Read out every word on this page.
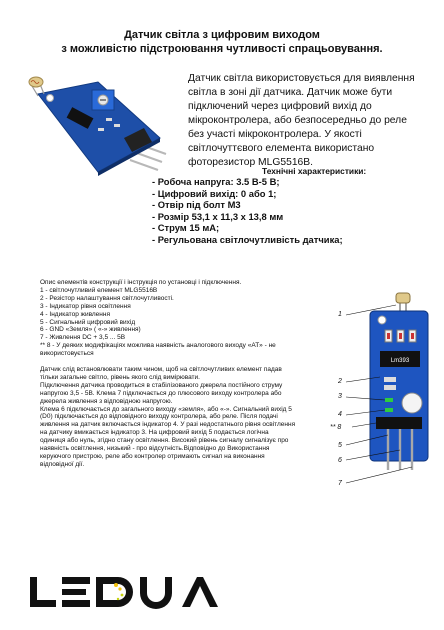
Датчик світла з цифровим виходом
з можливістю підстроювання чутливості спрацьовування.
Датчик світла використовується для виявлення
світла в зоні дії датчика. Датчик може бути
підключений через цифровий вихід до
мікроконтролера, або безпосередньо до реле
без участі мікроконтролера. У якості
світлочуттєвого елемента використано
фоторезистор MLG5516B.
Технічні характеристики:
- Робоча напруга: 3.5 В-5 В;
- Цифровий вихід: 0 або 1;
- Отвір під болт М3
- Розмір 53,1 х 11,3 х 13,8 мм
- Струм 15 мА;
- Регульована світлочутливість датчика;
Опис елементів конструкції і інструкція по установці і підключення.
1 - світлочутливий елемент MLG5516B
2 - Резістор налаштування світлочутливості.
3 - Індикатор рівня освітлення
4 - Індикатор живлення
5 - Сигнальний цифровий вихід
6 - GND «Земля» ( «-» живлення)
7 - Живлення DC + 3,5 ... 5В
** 8 - У деяких модифікаціях можлива наявність аналогового виходу «AT» - не
використовується
Датчик слід встановлювати таким чином, щоб на світлочутливих елемент падав
тільки загальне світло, рівень якого слід вимірювати.
Підключення датчика проводиться в стабілізованого джерела постійного струму
напругою 3,5 - 5В. Клема 7 підключається до плюсового виходу контролера або
джерела живлення з відповідною напругою.
Клема 6 підключається до загального виходу «земля», або «-». Сигнальний вихід 5
(D0) підключається до відповідного виходу контролера, або реле. Після подачі
живлення на датчик включається індикатор 4. У разі недостатнього рівня освітлення
на датчику вмикається індикатор 3. На цифровий вихід 5 подається логічна
одиниця або нуль, згідно стану освітлення. Високий рівень сигналу сигналізує про
наявність освітлення, низький - про відсутність.Відповідно до Використання
керуючого пристрою, реле або контролер отримають сигнал на виконання
відповідної дії.
Lm393
1
2
3
4
5
6
7
** 8
